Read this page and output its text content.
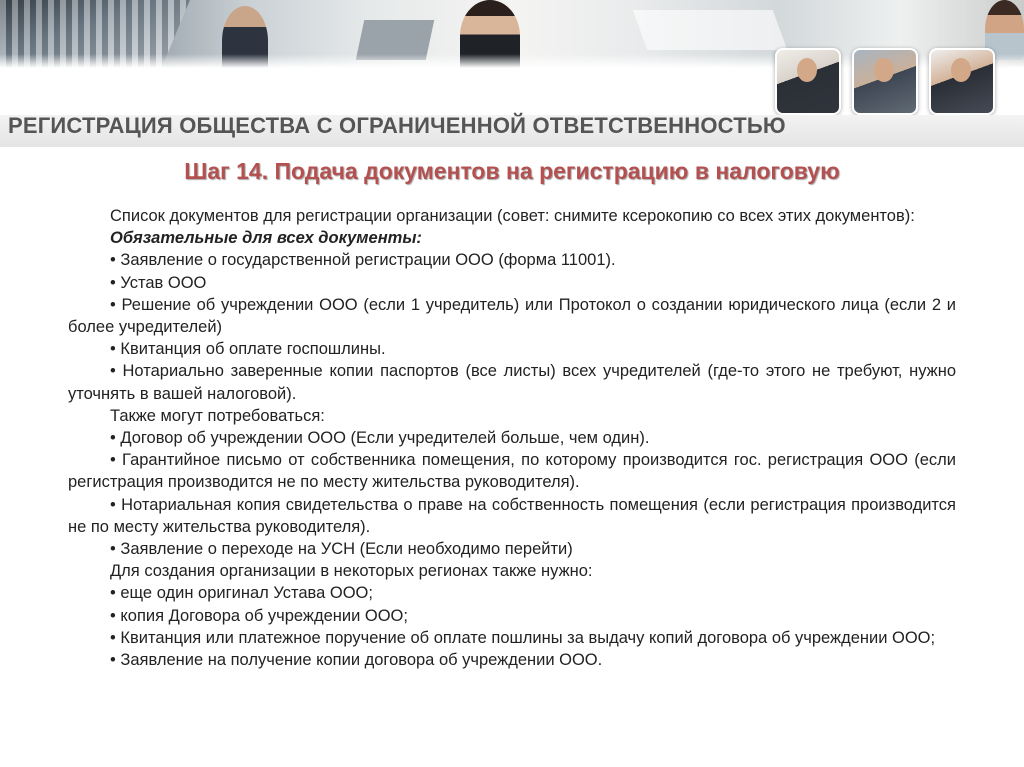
РЕГИСТРАЦИЯ ОБЩЕСТВА С ОГРАНИЧЕННОЙ ОТВЕТСТВЕННОСТЬЮ
Шаг 14. Подача документов на регистрацию в налоговую

Список документов для регистрации организации (совет: снимите ксерокопию со всех этих документов):

Обязательные для всех документы:

• Заявление о государственной регистрации ООО (форма 11001).

• Устав ООО

• Решение об учреждении ООО (если 1 учредитель) или Протокол о создании юридического лица (если 2 и более учредителей)

• Квитанция об оплате госпошлины.

• Нотариально заверенные копии паспортов (все листы) всех учредителей (где-то этого не требуют, нужно уточнять в вашей налоговой).

Также могут потребоваться:

• Договор об учреждении ООО (Если учредителей больше, чем один).

• Гарантийное письмо от собственника помещения, по которому производится гос. регистрация ООО (если регистрация производится не по месту жительства руководителя).

• Нотариальная копия свидетельства о праве на собственность помещения (если регистрация производится не по месту жительства руководителя).

• Заявление о переходе на УСН (Если необходимо перейти)

Для создания организации в некоторых регионах также нужно:

• еще один оригинал Устава ООО;

• копия Договора об учреждении ООО;

• Квитанция или платежное поручение об оплате пошлины за выдачу копий договора об учреждении ООО;

• Заявление на получение копии договора об учреждении ООО.
